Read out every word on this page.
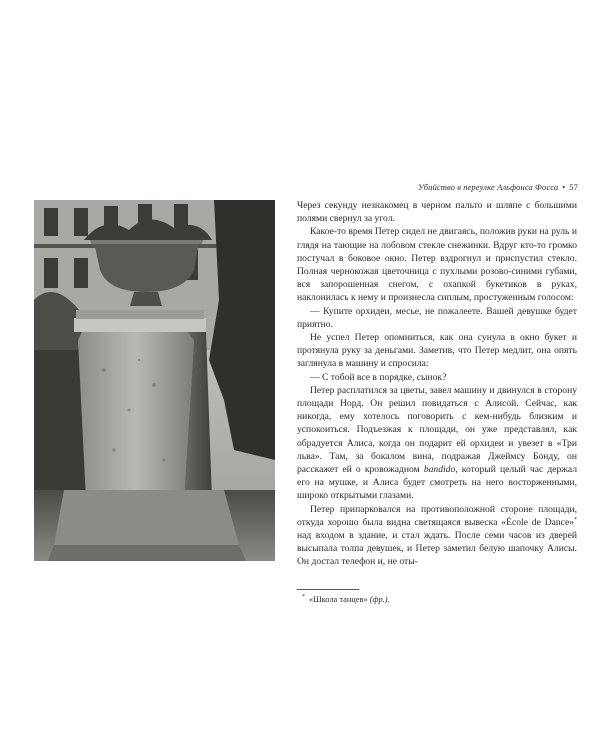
Убийство в переулке Альфонса Фосса • 57

Через секунду незнакомец в черном пальто и шляпе с большими полями свернул за угол.

Какое-то время Петер сидел не двигаясь, положив руки на руль и глядя на тающие на лобовом стекле снежинки. Вдруг кто-то громко постучал в боковое окно. Петер вздрогнул и приспустил стекло. Полная чернокожая цветочница с пухлыми розово-синими губами, вся запорошенная снегом, с охапкой букетиков в руках, наклонилась к нему и произнесла сиплым, простуженным голосом:

— Купите орхидеи, месье, не пожалеете. Вашей девушке будет приятно.

Не успел Петер опомниться, как она сунула в окно букет и протянула руку за деньгами. Заметив, что Петер медлит, она опять заглянула в машину и спросила:

— С тобой все в порядке, сынок?

Петер расплатился за цветы, завел машину и двинулся в сторону площади Норд. Он решил повидаться с Алисой. Сейчас, как никогда, ему хотелось поговорить с кем-нибудь близким и успокоиться. Подъезжая к площади, он уже представлял, как обрадуется Алиса, когда он подарит ей орхидеи и увезет в «Три льва». Там, за бокалом вина, подражая Джеймсу Бонду, он расскажет ей о кровожадном bandido, который целый час держал его на мушке, и Алиса будет смотреть на него восторженными, широко открытыми глазами.

Петер припарковался на противоположной стороне площади, откуда хорошо была видна светящаяся вывеска «École de Dance»* над входом в здание, и стал ждать. После семи часов из дверей высыпала толпа девушек, и Петер заметил белую шапочку Алисы. Он достал телефон и, не оты-

* «Школа танцев» (фр.).
